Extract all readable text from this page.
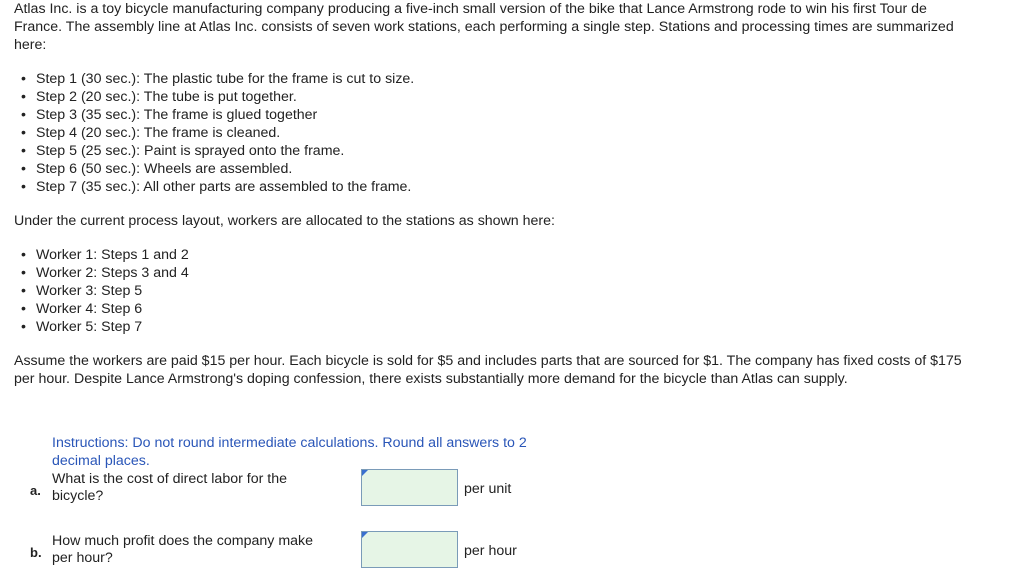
Atlas Inc. is a toy bicycle manufacturing company producing a five-inch small version of the bike that Lance Armstrong rode to win his first Tour de France. The assembly line at Atlas Inc. consists of seven work stations, each performing a single step. Stations and processing times are summarized here:

• Step 1 (30 sec.): The plastic tube for the frame is cut to size.
• Step 2 (20 sec.): The tube is put together.
• Step 3 (35 sec.): The frame is glued together
• Step 4 (20 sec.): The frame is cleaned.
• Step 5 (25 sec.): Paint is sprayed onto the frame.
• Step 6 (50 sec.): Wheels are assembled.
• Step 7 (35 sec.): All other parts are assembled to the frame.

Under the current process layout, workers are allocated to the stations as shown here:

• Worker 1: Steps 1 and 2
• Worker 2: Steps 3 and 4
• Worker 3: Step 5
• Worker 4: Step 6
• Worker 5: Step 7

Assume the workers are paid $15 per hour. Each bicycle is sold for $5 and includes parts that are sourced for $1. The company has fixed costs of $175 per hour. Despite Lance Armstrong's doping confession, there exists substantially more demand for the bicycle than Atlas can supply.

Instructions: Do not round intermediate calculations. Round all answers to 2 decimal places.

a.
What is the cost of direct labor for the bicycle?	per unit
b.
How much profit does the company make per hour?	per hour
